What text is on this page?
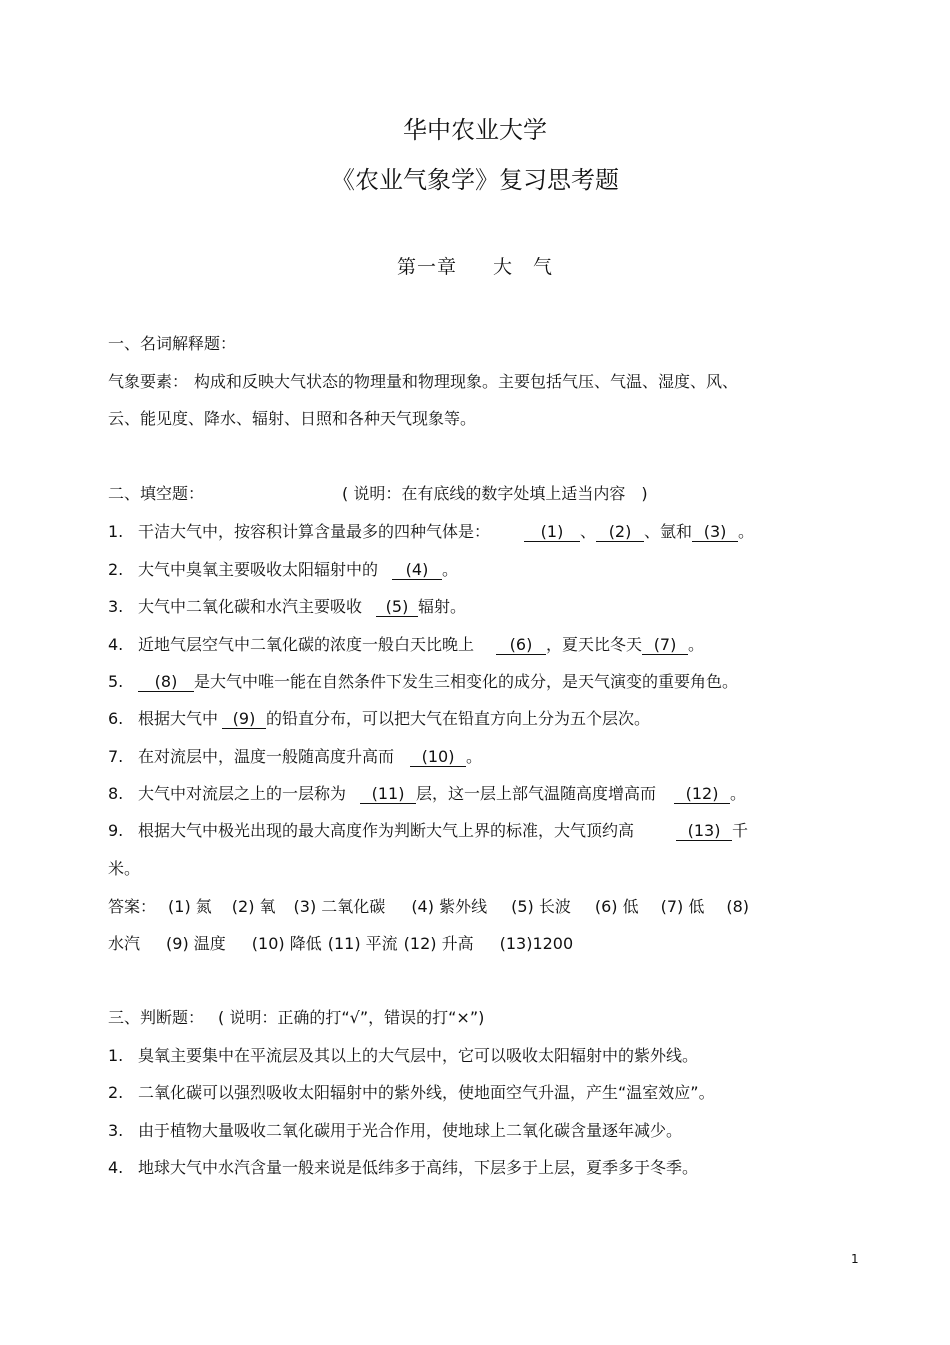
华中农业大学
《农业气象学》复习思考题
第一章 大　气
一、名词解释题：
气象要素： 构成和反映大气状态的物理量和物理现象。主要包括气压、气温、湿度、风、
云、能见度、降水、辐射、日照和各种天气现象等。
二、填空题：	( 说明：在有底线的数字处填上适当内容　)
1. 干洁大气中，按容积计算含量最多的四种气体是：	(1) 、 (2) 、氩和 (3) 。
2. 大气中臭氧主要吸收太阳辐射中的 (4) 。
3. 大气中二氧化碳和水汽主要吸收 (5) 辐射。
4. 近地气层空气中二氧化碳的浓度一般白天比晚上 (6) ，夏天比冬天 (7) 。
5. (8) 是大气中唯一能在自然条件下发生三相变化的成分，是天气演变的重要角色。
6. 根据大气中 (9) 的铅直分布，可以把大气在铅直方向上分为五个层次。
7. 在对流层中，温度一般随高度升高而 (10) 。
8. 大气中对流层之上的一层称为 (11) 层，这一层上部气温随高度增高而 (12) 。
9. 根据大气中极光出现的最大高度作为判断大气上界的标准，大气顶约高	(13) 千
米。
答案： (1) 氮 (2) 氧 (3) 二氧化碳 (4) 紫外线 (5) 长波 (6) 低 (7) 低 (8)
水汽 (9) 温度 (10) 降低 (11) 平流 (12) 升高 (13)1200
三、判断题： ( 说明：正确的打“√”，错误的打“×”)
1. 臭氧主要集中在平流层及其以上的大气层中，它可以吸收太阳辐射中的紫外线。
2. 二氧化碳可以强烈吸收太阳辐射中的紫外线，使地面空气升温，产生“温室效应”。
3. 由于植物大量吸收二氧化碳用于光合作用，使地球上二氧化碳含量逐年减少。
4. 地球大气中水汽含量一般来说是低纬多于高纬，下层多于上层，夏季多于冬季。
1
